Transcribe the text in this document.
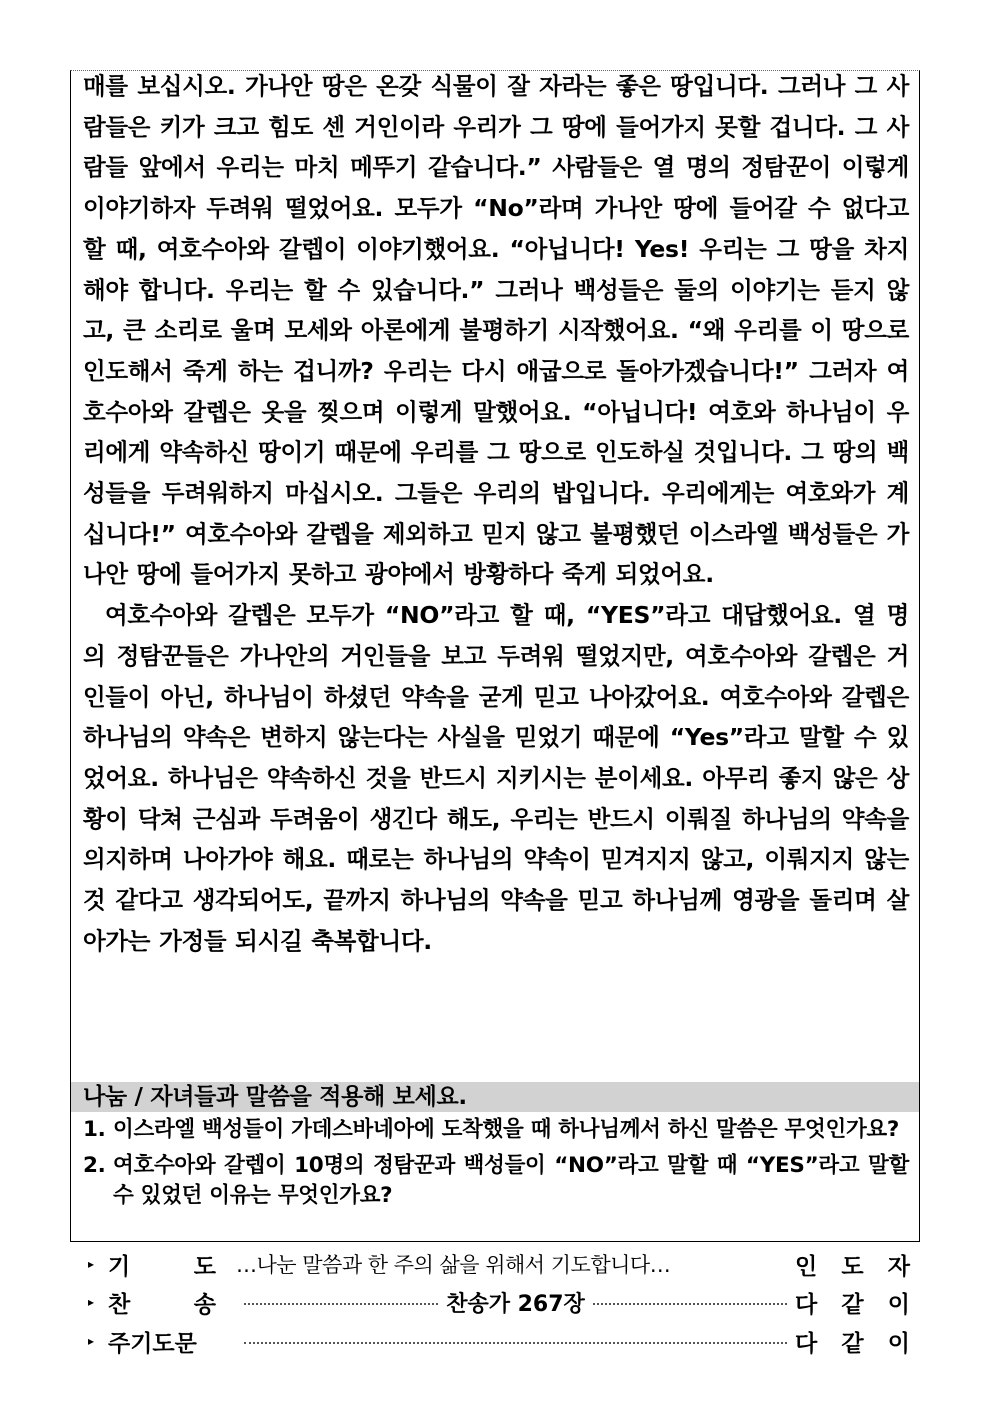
매를 보십시오. 가나안 땅은 온갖 식물이 잘 자라는 좋은 땅입니다. 그러나 그 사람들은 키가 크고 힘도 센 거인이라 우리가 그 땅에 들어가지 못할 겁니다. 그 사람들 앞에서 우리는 마치 메뚜기 같습니다.” 사람들은 열 명의 정탐꾼이 이렇게 이야기하자 두려워 떨었어요. 모두가 “No”라며 가나안 땅에 들어갈 수 없다고 할 때, 여호수아와 갈렙이 이야기했어요. “아닙니다! Yes! 우리는 그 땅을 차지해야 합니다. 우리는 할 수 있습니다.” 그러나 백성들은 둘의 이야기는 듣지 않고, 큰 소리로 울며 모세와 아론에게 불평하기 시작했어요. “왜 우리를 이 땅으로 인도해서 죽게 하는 겁니까? 우리는 다시 애굽으로 돌아가겠습니다!” 그러자 여호수아와 갈렙은 옷을 찢으며 이렇게 말했어요. “아닙니다! 여호와 하나님이 우리에게 약속하신 땅이기 때문에 우리를 그 땅으로 인도하실 것입니다. 그 땅의 백성들을 두려워하지 마십시오. 그들은 우리의 밥입니다. 우리에게는 여호와가 계십니다!” 여호수아와 갈렙을 제외하고 믿지 않고 불평했던 이스라엘 백성들은 가나안 땅에 들어가지 못하고 광야에서 방황하다 죽게 되었어요.

여호수아와 갈렙은 모두가 “NO”라고 할 때, “YES”라고 대답했어요. 열 명의 정탐꾼들은 가나안의 거인들을 보고 두려워 떨었지만, 여호수아와 갈렙은 거인들이 아닌, 하나님이 하셨던 약속을 굳게 믿고 나아갔어요. 여호수아와 갈렙은 하나님의 약속은 변하지 않는다는 사실을 믿었기 때문에 “Yes”라고 말할 수 있었어요. 하나님은 약속하신 것을 반드시 지키시는 분이세요. 아무리 좋지 않은 상황이 닥쳐 근심과 두려움이 생긴다 해도, 우리는 반드시 이뤄질 하나님의 약속을 의지하며 나아가야 해요. 때로는 하나님의 약속이 믿겨지지 않고, 이뤄지지 않는 것 같다고 생각되어도, 끝까지 하나님의 약속을 믿고 하나님께 영광을 돌리며 살아가는 가정들 되시길 축복합니다.

나눔 / 자녀들과 말씀을 적용해 보세요.
1. 이스라엘 백성들이 가데스바네아에 도착했을 때 하나님께서 하신 말씀은 무엇인가요?
2. 여호수아와 갈렙이 10명의 정탐꾼과 백성들이 “NO”라고 말할 때 “YES”라고 말할 수 있었던 이유는 무엇인가요?
▸ 기	도 …나눈 말씀과 한 주의 삶을 위해서 기도합니다…	인 도 자
▸ 찬	송	찬송가 267장	다 같 이
▸ 주기도문	다 같 이
